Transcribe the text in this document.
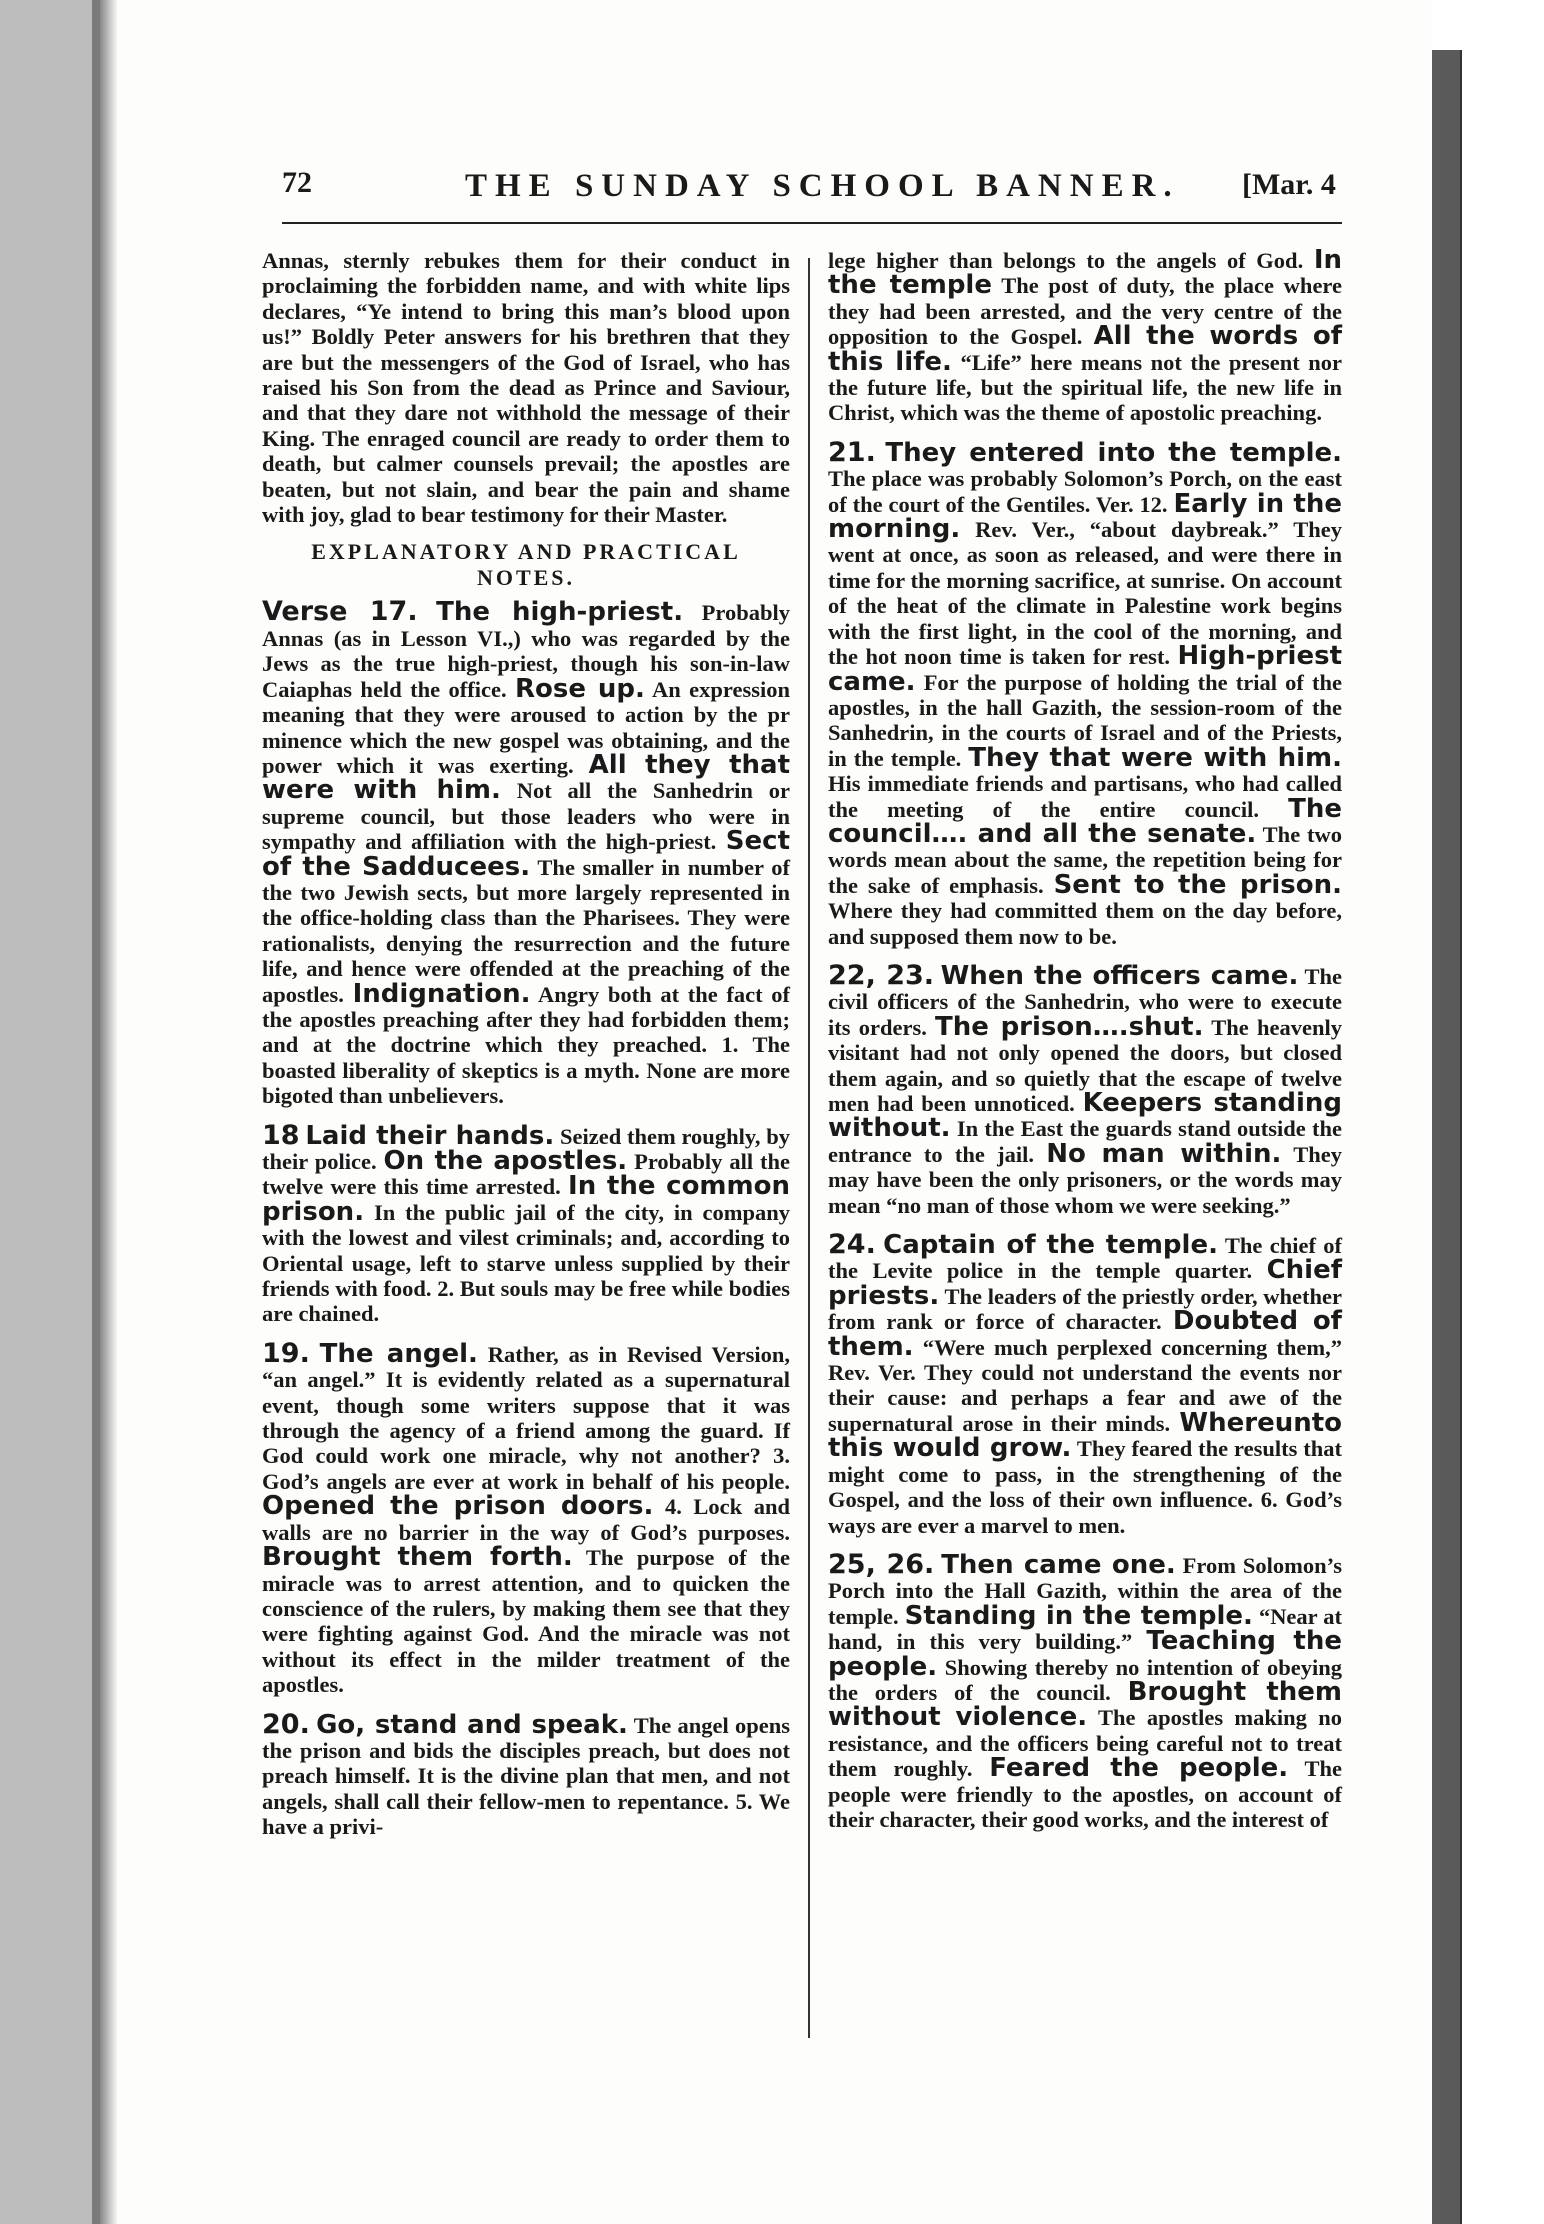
72	THE SUNDAY SCHOOL BANNER. [Mar. 4

Annas, sternly rebukes them for their conduct in proclaiming the forbidden name, and with white lips declares, “Ye intend to bring this man’s blood upon us!” Boldly Peter answers for his brethren that they are but the messengers of the God of Israel, who has raised his Son from the dead as Prince and Saviour, and that they dare not withhold the message of their King. The enraged council are ready to order them to death, but calmer counsels prevail; the apostles are beaten, but not slain, and bear the pain and shame with joy, glad to bear testimony for their Master.

EXPLANATORY AND PRACTICAL NOTES.

Verse 17. The high-priest. Probably Annas (as in Lesson VI.,) who was regarded by the Jews as the true high-priest, though his son-in-law Caiaphas held the office. Rose up. An expression meaning that they were aroused to action by the pr minence which the new gospel was obtaining, and the power which it was exerting. All they that were with him. Not all the Sanhedrin or supreme council, but those leaders who were in sympathy and affiliation with the high-priest. Sect of the Sadducees. The smaller in number of the two Jewish sects, but more largely represented in the office-holding class than the Pharisees. They were rationalists, denying the resurrection and the future life, and hence were offended at the preaching of the apostles. Indignation. Angry both at the fact of the apostles preaching after they had forbidden them; and at the doctrine which they preached. 1. The boasted liberality of skeptics is a myth. None are more bigoted than unbelievers.

18 Laid their hands. Seized them roughly, by their police. On the apostles. Probably all the twelve were this time arrested. In the common prison. In the public jail of the city, in company with the lowest and vilest criminals; and, according to Oriental usage, left to starve unless supplied by their friends with food. 2. But souls may be free while bodies are chained.

19. The angel. Rather, as in Revised Version, “an angel.” It is evidently related as a supernatural event, though some writers suppose that it was through the agency of a friend among the guard. If God could work one miracle, why not another? 3. God’s angels are ever at work in behalf of his people. Opened the prison doors. 4. Lock and walls are no barrier in the way of God’s purposes. Brought them forth. The purpose of the miracle was to arrest attention, and to quicken the conscience of the rulers, by making them see that they were fighting against God. And the miracle was not without its effect in the milder treatment of the apostles.

20. Go, stand and speak. The angel opens the prison and bids the disciples preach, but does not preach himself. It is the divine plan that men, and not angels, shall call their fellow-men to repentance. 5. We have a privi-

lege higher than belongs to the angels of God. In the temple The post of duty, the place where they had been arrested, and the very centre of the opposition to the Gospel. All the words of this life. “Life” here means not the present nor the future life, but the spiritual life, the new life in Christ, which was the theme of apostolic preaching.

21. They entered into the temple. The place was probably Solomon’s Porch, on the east of the court of the Gentiles. Ver. 12. Early in the morning. Rev. Ver., “about daybreak.” They went at once, as soon as released, and were there in time for the morning sacrifice, at sunrise. On account of the heat of the climate in Palestine work begins with the first light, in the cool of the morning, and the hot noon time is taken for rest. High-priest came. For the purpose of holding the trial of the apostles, in the hall Gazith, the session-room of the Sanhedrin, in the courts of Israel and of the Priests, in the temple. They that were with him. His immediate friends and partisans, who had called the meeting of the entire council. The council…. and all the senate. The two words mean about the same, the repetition being for the sake of emphasis. Sent to the prison. Where they had committed them on the day before, and supposed them now to be.

22, 23. When the officers came. The civil officers of the Sanhedrin, who were to execute its orders. The prison….shut. The heavenly visitant had not only opened the doors, but closed them again, and so quietly that the escape of twelve men had been unnoticed. Keepers standing without. In the East the guards stand outside the entrance to the jail. No man within. They may have been the only prisoners, or the words may mean “no man of those whom we were seeking.”

24. Captain of the temple. The chief of the Levite police in the temple quarter. Chief priests. The leaders of the priestly order, whether from rank or force of character. Doubted of them. “Were much perplexed concerning them,” Rev. Ver. They could not understand the events nor their cause: and perhaps a fear and awe of the supernatural arose in their minds. Whereunto this would grow. They feared the results that might come to pass, in the strengthening of the Gospel, and the loss of their own influence. 6. God’s ways are ever a marvel to men.

25, 26. Then came one. From Solomon’s Porch into the Hall Gazith, within the area of the temple. Standing in the temple. “Near at hand, in this very building.” Teaching the people. Showing thereby no intention of obeying the orders of the council. Brought them without violence. The apostles making no resistance, and the officers being careful not to treat them roughly. Feared the people. The people were friendly to the apostles, on account of their character, their good works, and the interest of
